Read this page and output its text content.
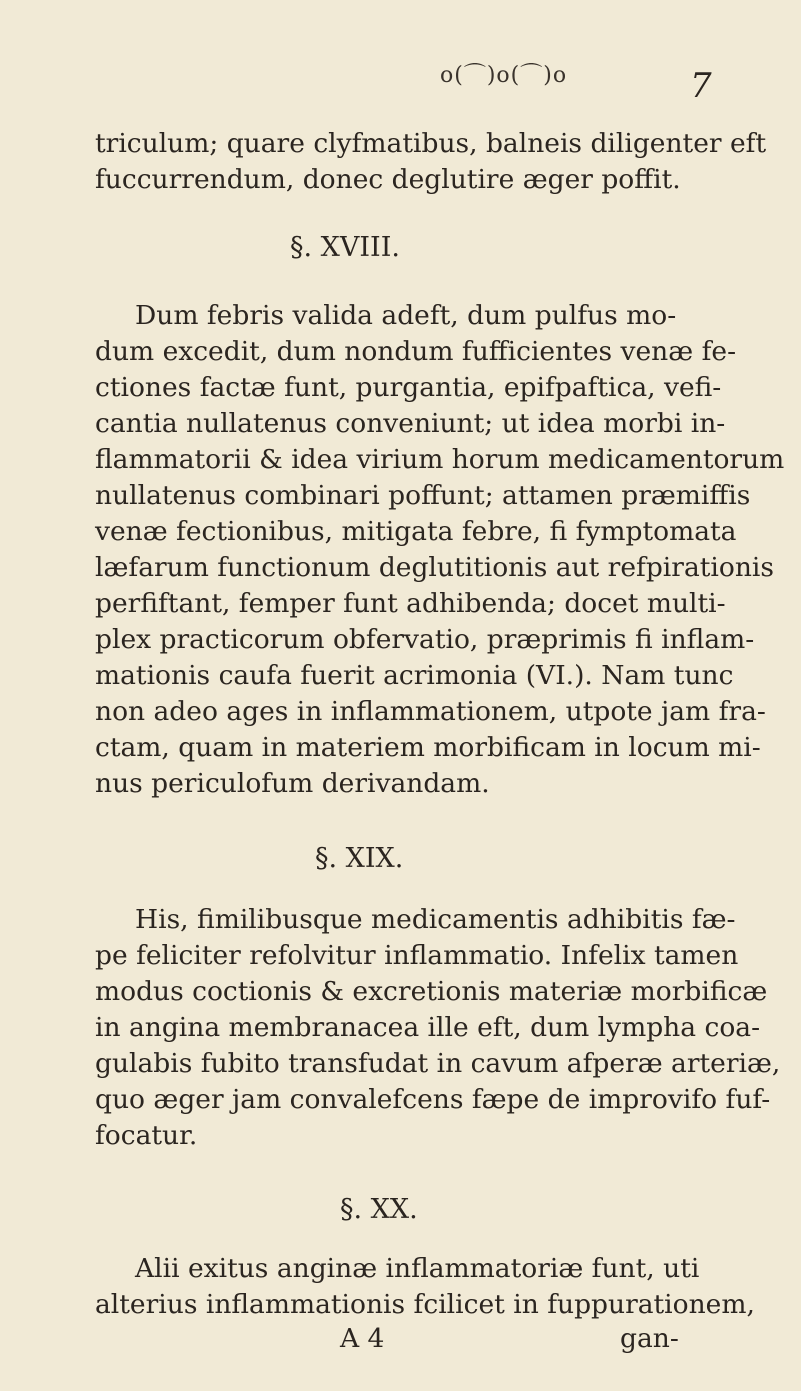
o(⌒)o(⌒)o	7
triculum; quare clyfmatibus, balneis diligenter eft
fuccurrendum, donec deglutire æger poffit.
§. XVIII.
Dum febris valida adeft, dum pulfus mo-
dum excedit, dum nondum fufficientes venæ fe-
ctiones factæ funt, purgantia, epifpaftica, vefi-
cantia nullatenus conveniunt; ut idea morbi in-
flammatorii & idea virium horum medicamentorum
nullatenus combinari poffunt; attamen præmiffis
venæ fectionibus, mitigata febre, fi fymptomata
læfarum functionum deglutitionis aut refpirationis
perfiftant, femper funt adhibenda; docet multi-
plex practicorum obfervatio, præprimis fi inflam-
mationis caufa fuerit acrimonia (VI.). Nam tunc
non adeo ages in inflammationem, utpote jam fra-
ctam, quam in materiem morbificam in locum mi-
nus periculofum derivandam.
§. XIX.
His, fimilibusque medicamentis adhibitis fæ-
pe feliciter refolvitur inflammatio. Infelix tamen
modus coctionis & excretionis materiæ morbificæ
in angina membranacea ille eft, dum lympha coa-
gulabis fubito transfudat in cavum afperæ arteriæ,
quo æger jam convalefcens fæpe de improvifo fuf-
focatur.
§. XX.
Alii exitus anginæ inflammatoriæ funt, uti
alterius inflammationis fcilicet in fuppurationem,
A 4	gan-
